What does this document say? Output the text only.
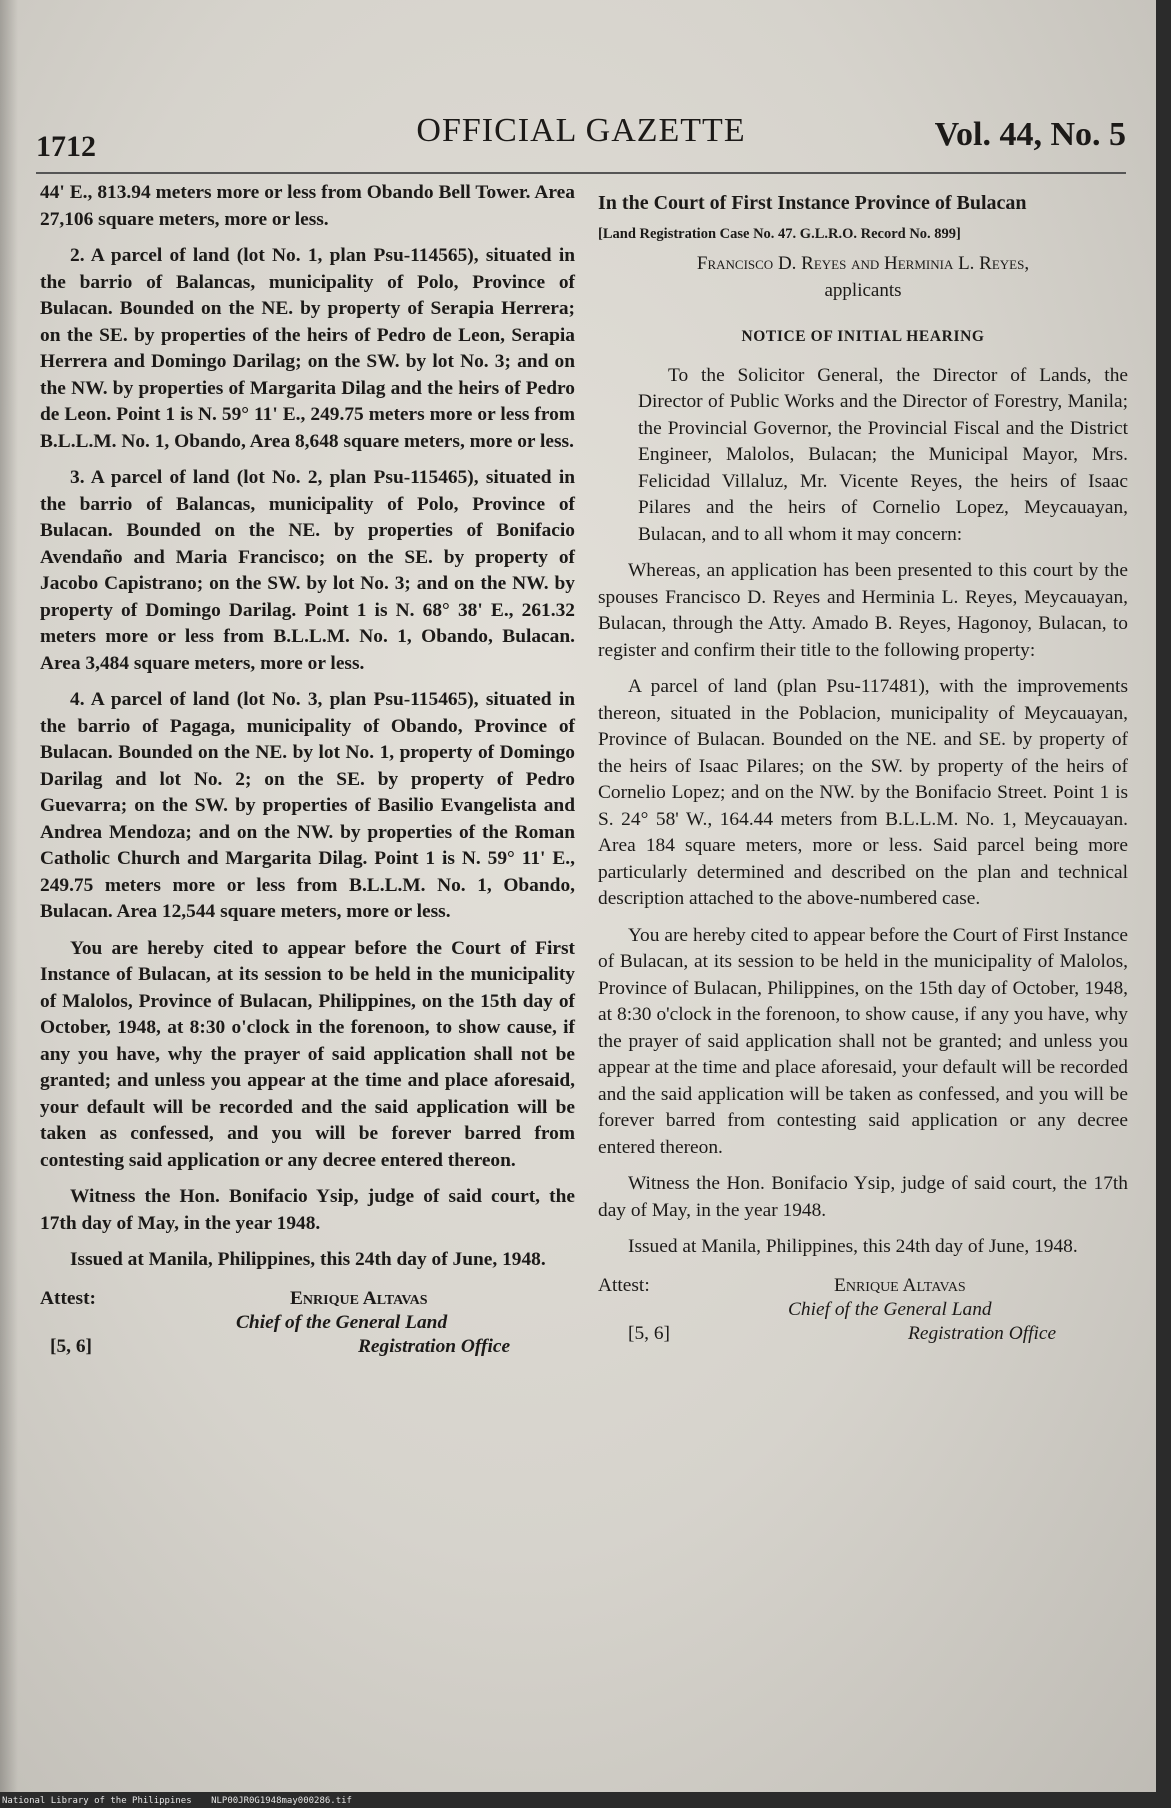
1712	OFFICIAL GAZETTE	Vol. 44, No. 5

44' E., 813.94 meters more or less from Obando Bell Tower. Area 27,106 square meters, more or less.

2. A parcel of land (lot No. 1, plan Psu-114565), situated in the barrio of Balancas, municipality of Polo, Province of Bulacan. Bounded on the NE. by property of Serapia Herrera; on the SE. by properties of the heirs of Pedro de Leon, Serapia Herrera and Domingo Darilag; on the SW. by lot No. 3; and on the NW. by properties of Margarita Dilag and the heirs of Pedro de Leon. Point 1 is N. 59° 11' E., 249.75 meters more or less from B.L.L.M. No. 1, Obando, Area 8,648 square meters, more or less.

3. A parcel of land (lot No. 2, plan Psu-115465), situated in the barrio of Balancas, municipality of Polo, Province of Bulacan. Bounded on the NE. by properties of Bonifacio Avendaño and Maria Francisco; on the SE. by property of Jacobo Capistrano; on the SW. by lot No. 3; and on the NW. by property of Domingo Darilag. Point 1 is N. 68° 38' E., 261.32 meters more or less from B.L.L.M. No. 1, Obando, Bulacan. Area 3,484 square meters, more or less.

4. A parcel of land (lot No. 3, plan Psu-115465), situated in the barrio of Pagaga, municipality of Obando, Province of Bulacan. Bounded on the NE. by lot No. 1, property of Domingo Darilag and lot No. 2; on the SE. by property of Pedro Guevarra; on the SW. by properties of Basilio Evangelista and Andrea Mendoza; and on the NW. by properties of the Roman Catholic Church and Margarita Dilag. Point 1 is N. 59° 11' E., 249.75 meters more or less from B.L.L.M. No. 1, Obando, Bulacan. Area 12,544 square meters, more or less.

You are hereby cited to appear before the Court of First Instance of Bulacan, at its session to be held in the municipality of Malolos, Province of Bulacan, Philippines, on the 15th day of October, 1948, at 8:30 o'clock in the forenoon, to show cause, if any you have, why the prayer of said application shall not be granted; and unless you appear at the time and place aforesaid, your default will be recorded and the said application will be taken as confessed, and you will be forever barred from contesting said application or any decree entered thereon.

Witness the Hon. Bonifacio Ysip, judge of said court, the 17th day of May, in the year 1948.

Issued at Manila, Philippines, this 24th day of June, 1948.

Attest:	Enrique Altavas
Chief of the General Land
Registration Office
[5, 6]
In the Court of First Instance Province of Bulacan
[Land Registration Case No. 47. G.L.R.O. Record No. 899]
Francisco D. Reyes and Herminia L. Reyes,
applicants
NOTICE OF INITIAL HEARING

To the Solicitor General, the Director of Lands, the Director of Public Works and the Director of Forestry, Manila; the Provincial Governor, the Provincial Fiscal and the District Engineer, Malolos, Bulacan; the Municipal Mayor, Mrs. Felicidad Villaluz, Mr. Vicente Reyes, the heirs of Isaac Pilares and the heirs of Cornelio Lopez, Meycauayan, Bulacan, and to all whom it may concern:

Whereas, an application has been presented to this court by the spouses Francisco D. Reyes and Herminia L. Reyes, Meycauayan, Bulacan, through the Atty. Amado B. Reyes, Hagonoy, Bulacan, to register and confirm their title to the following property:

A parcel of land (plan Psu-117481), with the improvements thereon, situated in the Poblacion, municipality of Meycauayan, Province of Bulacan. Bounded on the NE. and SE. by property of the heirs of Isaac Pilares; on the SW. by property of the heirs of Cornelio Lopez; and on the NW. by the Bonifacio Street. Point 1 is S. 24° 58' W., 164.44 meters from B.L.L.M. No. 1, Meycauayan. Area 184 square meters, more or less. Said parcel being more particularly determined and described on the plan and technical description attached to the above-numbered case.

You are hereby cited to appear before the Court of First Instance of Bulacan, at its session to be held in the municipality of Malolos, Province of Bulacan, Philippines, on the 15th day of October, 1948, at 8:30 o'clock in the forenoon, to show cause, if any you have, why the prayer of said application shall not be granted; and unless you appear at the time and place aforesaid, your default will be recorded and the said application will be taken as confessed, and you will be forever barred from contesting said application or any decree entered thereon.

Witness the Hon. Bonifacio Ysip, judge of said court, the 17th day of May, in the year 1948.

Issued at Manila, Philippines, this 24th day of June, 1948.

Attest:	Enrique Altavas
Chief of the General Land
Registration Office
[5, 6]
National Library of the Philippines NLP00JR0G1948may000286.tif
